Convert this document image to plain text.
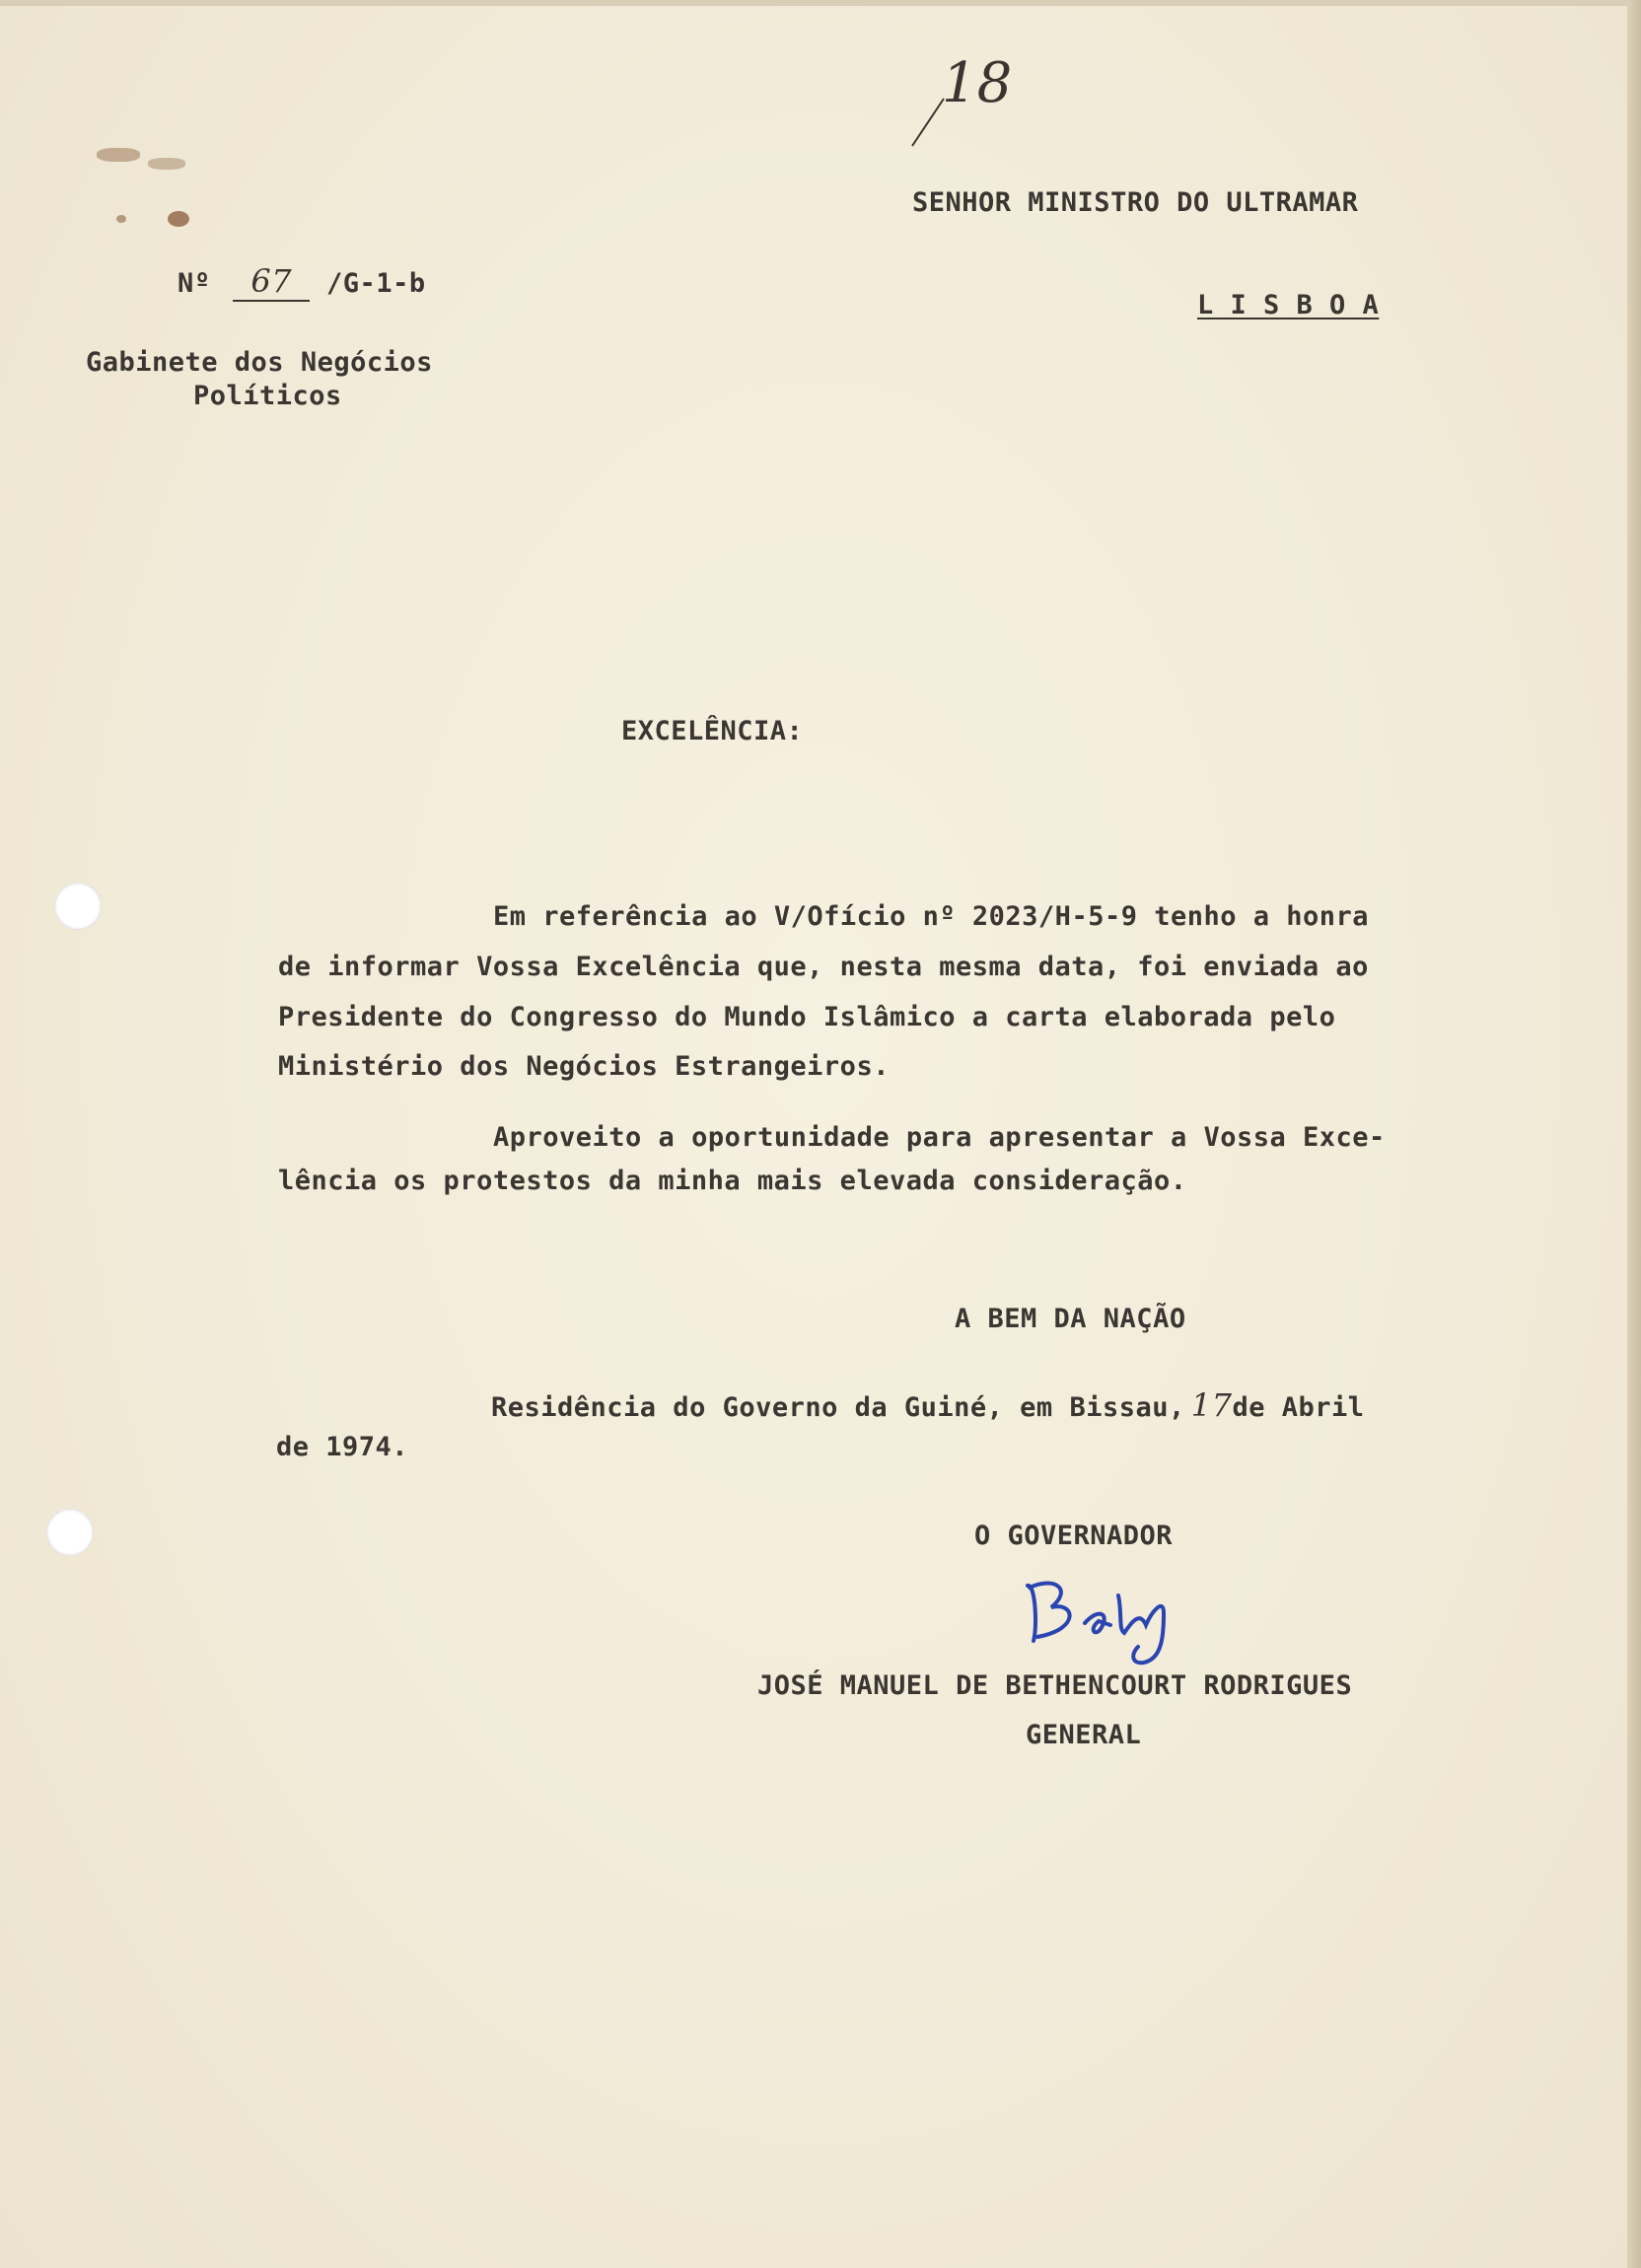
18
Nº 67 /G-1-b
Gabinete dos Negócios
Políticos
SENHOR MINISTRO DO ULTRAMAR
L I S B O A
EXCELÊNCIA:
Em referência ao V/Ofício nº 2023/H-5-9 tenho a honra
de informar Vossa Excelência que, nesta mesma data, foi enviada ao
Presidente do Congresso do Mundo Islâmico a carta elaborada pelo
Ministério dos Negócios Estrangeiros.
Aproveito a oportunidade para apresentar a Vossa Exce-
lência os protestos da minha mais elevada consideração.
A BEM DA NAÇÃO
Residência do Governo da Guiné, em Bissau, 17de Abril
de 1974.
O GOVERNADOR
JOSÉ MANUEL DE BETHENCOURT RODRIGUES
GENERAL
